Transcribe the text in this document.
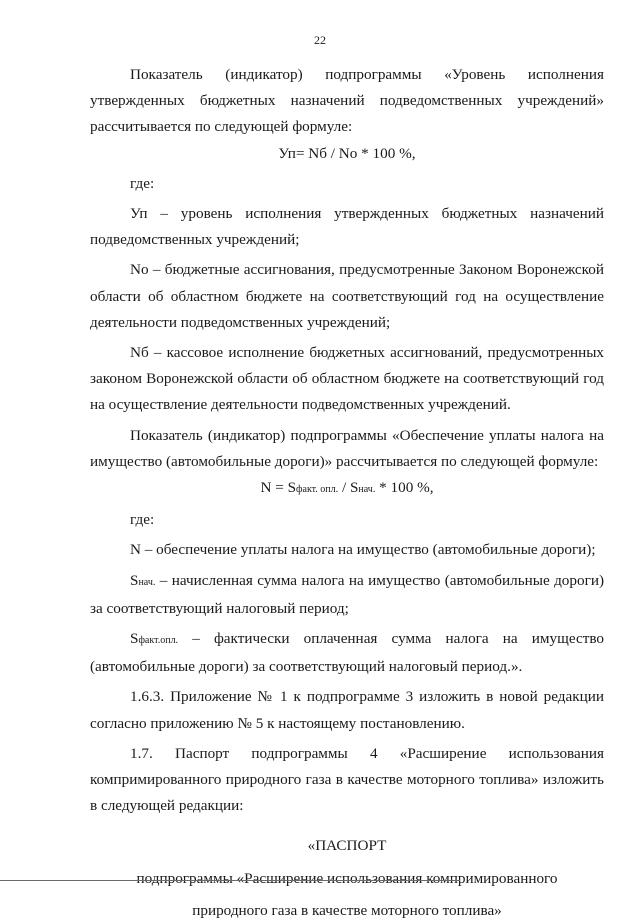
22

Показатель (индикатор) подпрограммы «Уровень исполнения утвержденных бюджетных назначений подведомственных учреждений» рассчитывается по следующей формуле:

Уп= Nб / Nо * 100 %,

где:

Уп – уровень исполнения утвержденных бюджетных назначений подведомственных учреждений;

Nо – бюджетные ассигнования, предусмотренные Законом Воронежской области об областном бюджете на соответствующий год на осуществление деятельности подведомственных учреждений;

Nб – кассовое исполнение бюджетных ассигнований, предусмотренных законом Воронежской области об областном бюджете на соответствующий год на осуществление деятельности подведомственных учреждений.

Показатель (индикатор) подпрограммы «Обеспечение уплаты налога на имущество (автомобильные дороги)» рассчитывается по следующей формуле:

N = Sфакт. опл. / Sнач. * 100 %,

где:

N – обеспечение уплаты налога на имущество (автомобильные дороги);

Sнач. – начисленная сумма налога на имущество (автомобильные дороги) за соответствующий налоговый период;

Sфакт.опл. – фактически оплаченная сумма налога на имущество (автомобильные дороги) за соответствующий налоговый период.».

1.6.3. Приложение № 1 к подпрограмме 3 изложить в новой редакции согласно приложению № 5 к настоящему постановлению.

1.7. Паспорт подпрограммы 4 «Расширение использования компримированного природного газа в качестве моторного топлива» изложить в следующей редакции:

«ПАСПОРТ

подпрограммы «Расширение использования компримированного

природного газа в качестве моторного топлива»
